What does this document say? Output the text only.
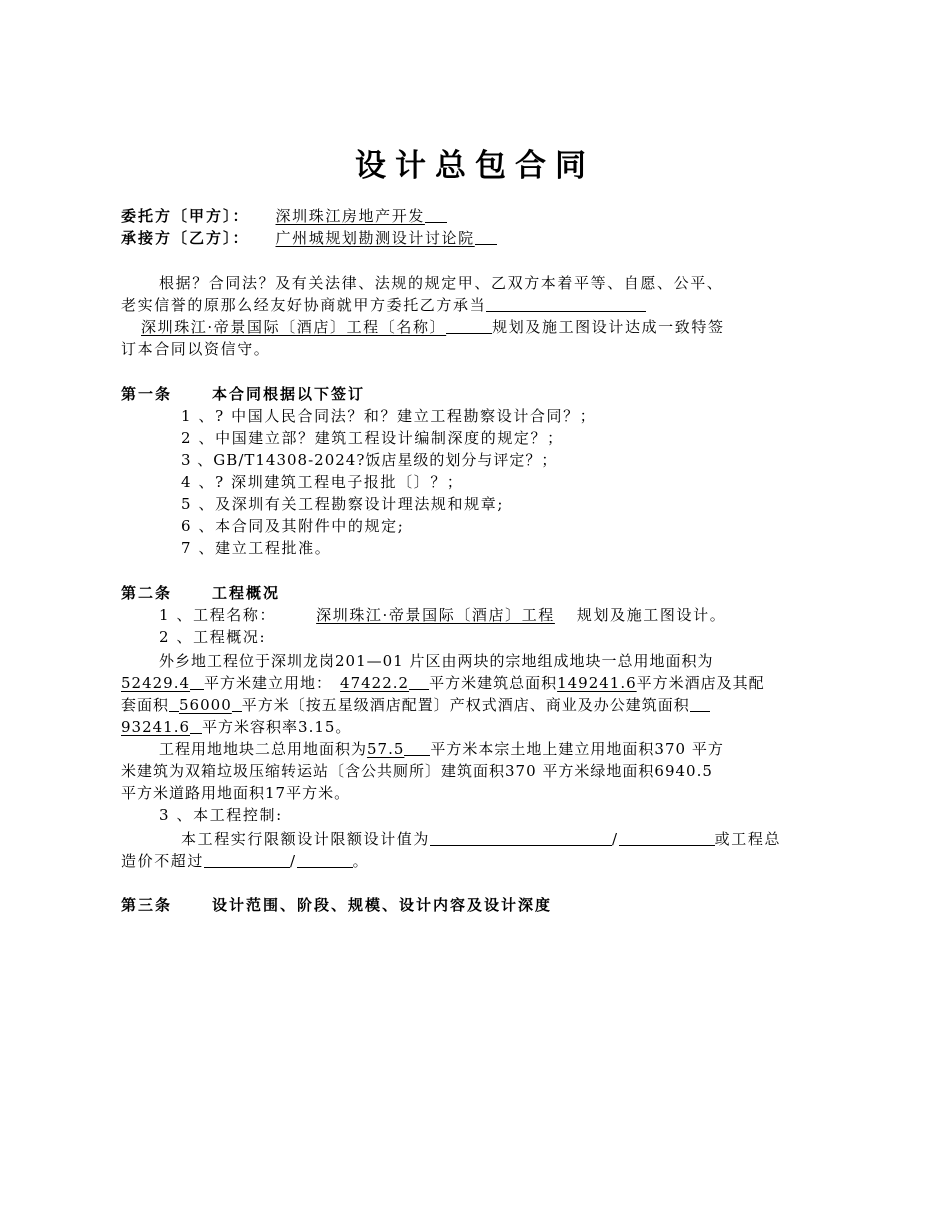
设计总包合同
委托方〔甲方〕： 深圳珠江房地产开发
承接方〔乙方〕： 广州城规划勘测设计讨论院
根据？合同法？及有关法律、法规的规定甲、乙双方本着平等、自愿、公平、
老实信誉的原那么经友好协商就甲方委托乙方承当
深圳珠江·帝景国际〔酒店〕工程〔名称〕	规划及施工图设计达成一致特签
订本合同以资信守。
第一条	本合同根据以下签订
1 、? 中国人民合同法？和？建立工程勘察设计合同？；
2 、中国建立部？建筑工程设计编制深度的规定？；
3 、GB/T14308-2024?饭店星级的划分与评定？；
4 、? 深圳建筑工程电子报批〔〕？；
5 、及深圳有关工程勘察设计理法规和规章;
6 、本合同及其附件中的规定;
7 、建立工程批准。
第二条	工程概况
1 、工程名称：	深圳珠江·帝景国际〔酒店〕工程 规划及施工图设计。
2 、工程概况:
外乡地工程位于深圳龙岗201—01 片区由两块的宗地组成地块一总用地面积为
52429.4 平方米建立用地： 47422.2 平方米建筑总面积149241.6平方米酒店及其配
套面积 56000 平方米〔按五星级酒店配置〕产权式酒店、商业及办公建筑面积
93241.6 平方米容积率3.15。
工程用地地块二总用地面积为57.5 平方米本宗土地上建立用地面积370 平方
米建筑为双箱垃圾压缩转运站〔含公共厕所〕建筑面积370 平方米绿地面积6940.5
平方米道路用地面积17平方米。
3 、本工程控制:
本工程实行限额设计限额设计值为	/	或工程总
造价不超过	/	。
第三条	设计范围、阶段、规模、设计内容及设计深度
